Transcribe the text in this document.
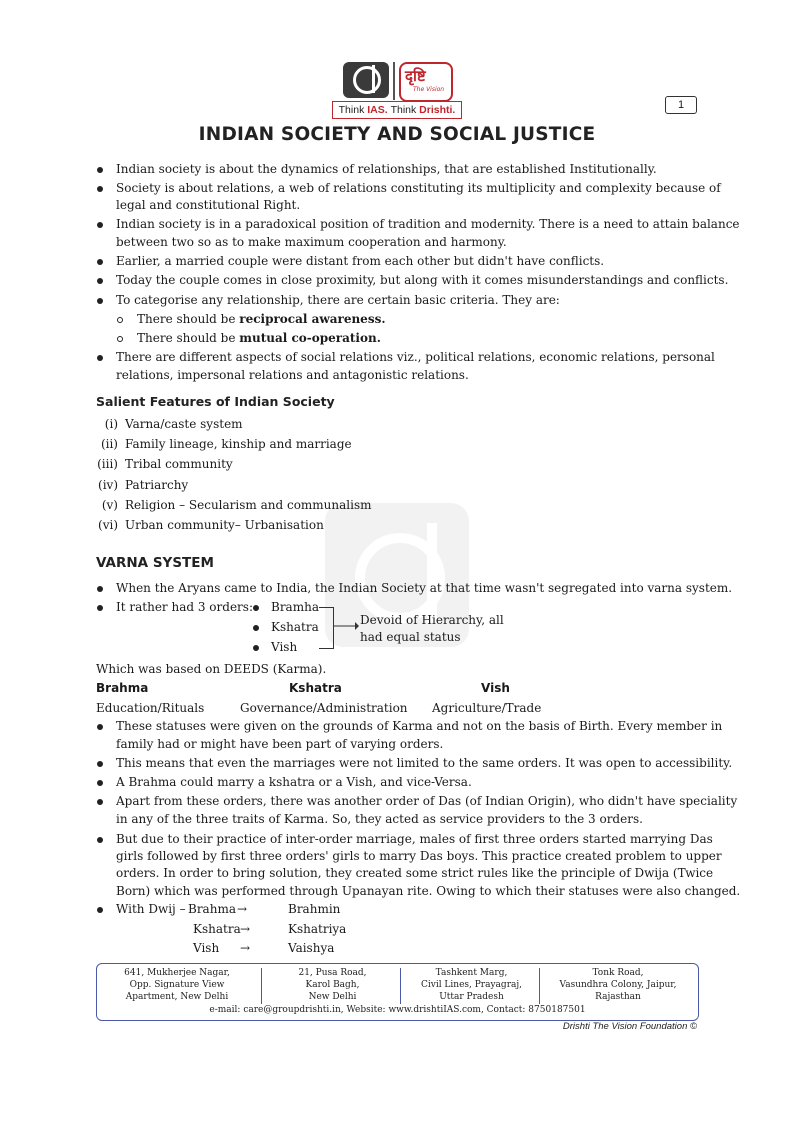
दृष्टि
The Vision
Think IAS. Think Drishti.	1
INDIAN SOCIETY AND SOCIAL JUSTICE
Indian society is about the dynamics of relationships, that are established Institutionally.
Society is about relations, a web of relations constituting its multiplicity and complexity because of
legal and constitutional Right.
Indian society is in a paradoxical position of tradition and modernity. There is a need to attain balance
between two so as to make maximum cooperation and harmony.
Earlier, a married couple were distant from each other but didn't have conflicts.
Today the couple comes in close proximity, but along with it comes misunderstandings and conflicts.
To categorise any relationship, there are certain basic criteria. They are:
There should be reciprocal awareness.
There should be mutual co-operation.
There are different aspects of social relations viz., political relations, economic relations, personal
relations, impersonal relations and antagonistic relations.
Salient Features of Indian Society
(i) Varna/caste system
(ii) Family lineage, kinship and marriage
(iii) Tribal community
(iv) Patriarchy
(v) Religion – Secularism and communalism
(vi) Urban community– Urbanisation
VARNA SYSTEM
When the Aryans came to India, the Indian Society at that time wasn't segregated into varna system.
It rather had 3 orders: Bramha
Kshatra
Vish
Devoid of Hierarchy, all
had equal status
Which was based on DEEDS (Karma).
Brahma	Kshatra	Vish
Education/Rituals	Governance/Administration Agriculture/Trade
These statuses were given on the grounds of Karma and not on the basis of Birth. Every member in
family had or might have been part of varying orders.
This means that even the marriages were not limited to the same orders. It was open to accessibility.
A Brahma could marry a kshatra or a Vish, and vice-Versa.
Apart from these orders, there was another order of Das (of Indian Origin), who didn't have speciality
in any of the three traits of Karma. So, they acted as service providers to the 3 orders.
But due to their practice of inter-order marriage, males of first three orders started marrying Das
girls followed by first three orders' girls to marry Das boys. This practice created problem to upper
orders. In order to bring solution, they created some strict rules like the principle of Dwija (Twice
Born) which was performed through Upanayan rite. Owing to which their statuses were also changed.
With Dwij – Brahma →	Brahmin
Kshatra →	Kshatriya
Vish →	Vaishya
641, Mukherjee Nagar,
Opp. Signature View
Apartment, New Delhi
21, Pusa Road,
Karol Bagh,
New Delhi
Tashkent Marg,
Civil Lines, Prayagraj,
Uttar Pradesh
Tonk Road,
Vasundhra Colony, Jaipur,
Rajasthan
e-mail: care@groupdrishti.in, Website: www.drishtiIAS.com, Contact: 8750187501
Drishti The Vision Foundation ©
